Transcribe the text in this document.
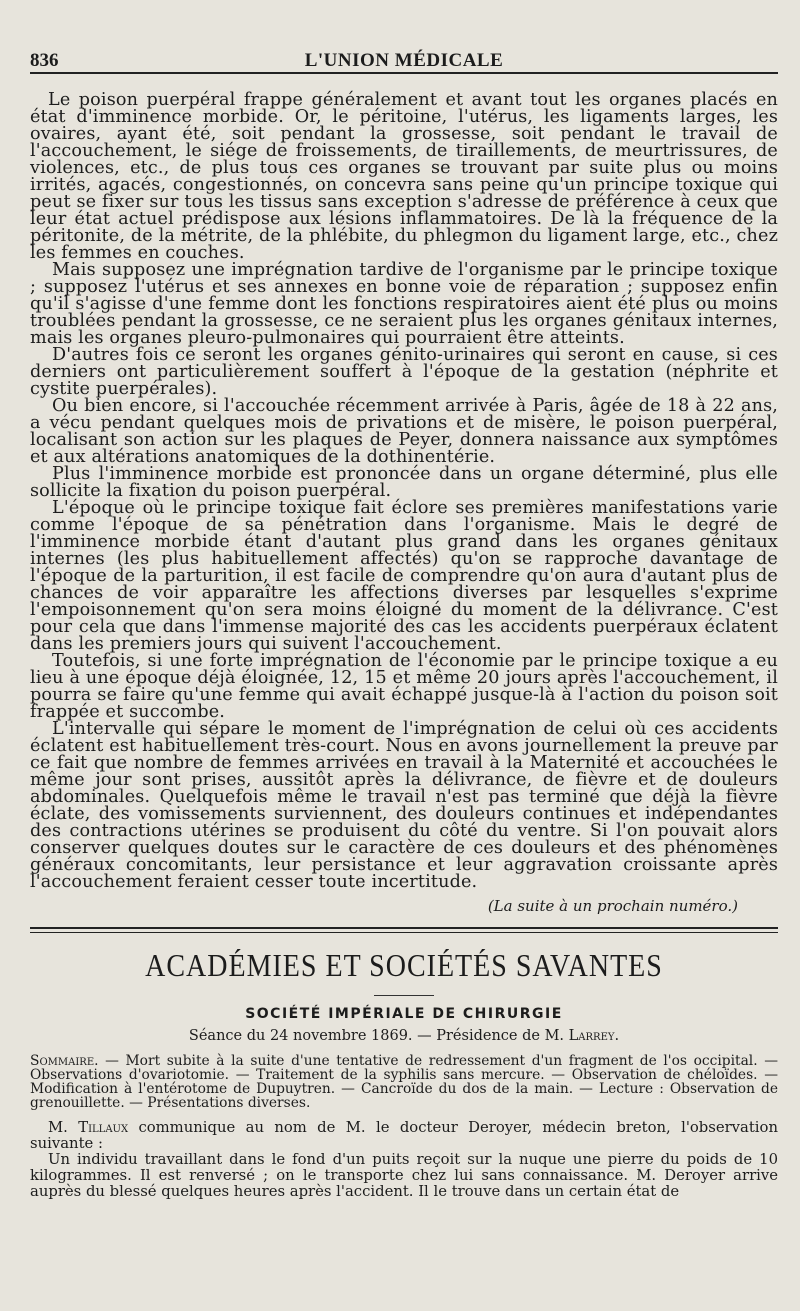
836	L'UNION MÉDICALE

Le poison puerpéral frappe généralement et avant tout les organes placés en état d'imminence morbide. Or, le péritoine, l'utérus, les ligaments larges, les ovaires, ayant été, soit pendant la grossesse, soit pendant le travail de l'accouchement, le siége de froissements, de tiraillements, de meurtrissures, de violences, etc., de plus tous ces organes se trouvant par suite plus ou moins irrités, agacés, congestionnés, on concevra sans peine qu'un principe toxique qui peut se fixer sur tous les tissus sans exception s'adresse de préférence à ceux que leur état actuel prédispose aux lésions inflammatoires. De là la fréquence de la péritonite, de la métrite, de la phlébite, du phlegmon du ligament large, etc., chez les femmes en couches.

Mais supposez une imprégnation tardive de l'organisme par le principe toxique ; supposez l'utérus et ses annexes en bonne voie de réparation ; supposez enfin qu'il s'agisse d'une femme dont les fonctions respiratoires aient été plus ou moins troublées pendant la grossesse, ce ne seraient plus les organes génitaux internes, mais les organes pleuro-pulmonaires qui pourraient être atteints.

D'autres fois ce seront les organes génito-urinaires qui seront en cause, si ces derniers ont particulièrement souffert à l'époque de la gestation (néphrite et cystite puerpérales).

Ou bien encore, si l'accouchée récemment arrivée à Paris, âgée de 18 à 22 ans, a vécu pendant quelques mois de privations et de misère, le poison puerpéral, localisant son action sur les plaques de Peyer, donnera naissance aux symptômes et aux altérations anatomiques de la dothinentérie.

Plus l'imminence morbide est prononcée dans un organe déterminé, plus elle sollicite la fixation du poison puerpéral.

L'époque où le principe toxique fait éclore ses premières manifestations varie comme l'époque de sa pénétration dans l'organisme. Mais le degré de l'imminence morbide étant d'autant plus grand dans les organes génitaux internes (les plus habituellement affectés) qu'on se rapproche davantage de l'époque de la parturition, il est facile de comprendre qu'on aura d'autant plus de chances de voir apparaître les affections diverses par lesquelles s'exprime l'empoisonnement qu'on sera moins éloigné du moment de la délivrance. C'est pour cela que dans l'immense majorité des cas les accidents puerpéraux éclatent dans les premiers jours qui suivent l'accouchement.

Toutefois, si une forte imprégnation de l'économie par le principe toxique a eu lieu à une époque déjà éloignée, 12, 15 et même 20 jours après l'accouchement, il pourra se faire qu'une femme qui avait échappé jusque-là à l'action du poison soit frappée et succombe.

L'intervalle qui sépare le moment de l'imprégnation de celui où ces accidents éclatent est habituellement très-court. Nous en avons journellement la preuve par ce fait que nombre de femmes arrivées en travail à la Maternité et accouchées le même jour sont prises, aussitôt après la délivrance, de fièvre et de douleurs abdominales. Quelquefois même le travail n'est pas terminé que déjà la fièvre éclate, des vomissements surviennent, des douleurs continues et indépendantes des contractions utérines se produisent du côté du ventre. Si l'on pouvait alors conserver quelques doutes sur le caractère de ces douleurs et des phénomènes généraux concomitants, leur persistance et leur aggravation croissante après l'accouchement feraient cesser toute incertitude.

(La suite à un prochain numéro.)
ACADÉMIES ET SOCIÉTÉS SAVANTES
SOCIÉTÉ IMPÉRIALE DE CHIRURGIE
Séance du 24 novembre 1869. — Présidence de M. Larrey.
Sommaire. — Mort subite à la suite d'une tentative de redressement d'un fragment de l'os occipital. — Observations d'ovariotomie. — Traitement de la syphilis sans mercure. — Observation de chéloïdes. — Modification à l'entérotome de Dupuytren. — Cancroïde du dos de la main. — Lecture : Observation de grenouillette. — Présentations diverses.

M. Tillaux communique au nom de M. le docteur Deroyer, médecin breton, l'observation suivante :

Un individu travaillant dans le fond d'un puits reçoit sur la nuque une pierre du poids de 10 kilogrammes. Il est renversé ; on le transporte chez lui sans connaissance. M. Deroyer arrive auprès du blessé quelques heures après l'accident. Il le trouve dans un certain état de
